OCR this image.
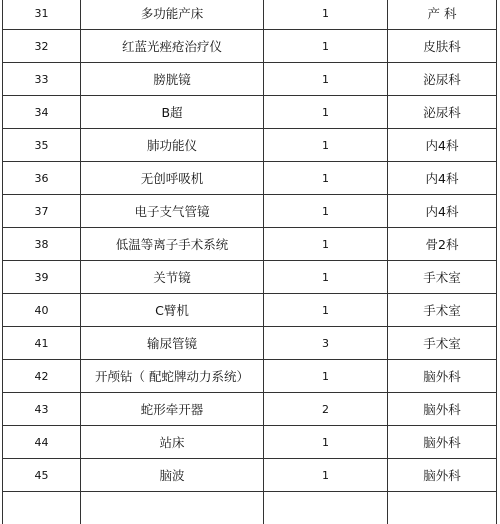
31	多功能产床	1	产 科
32	红蓝光痤疮治疗仪	1	皮肤科
33	膀胱镜	1	泌尿科
34	B超	1	泌尿科
35	肺功能仪	1	内4科
36	无创呼吸机	1	内4科
37	电子支气管镜	1	内4科
38	低温等离子手术系统	1	骨2科
39	关节镜	1	手术室
40	C臂机	1	手术室
41	输尿管镜	3	手术室
42	开颅钻（ 配蛇牌动力系统）	1	脑外科
43	蛇形牵开器	2	脑外科
44	站床	1	脑外科
45	脑波	1	脑外科
